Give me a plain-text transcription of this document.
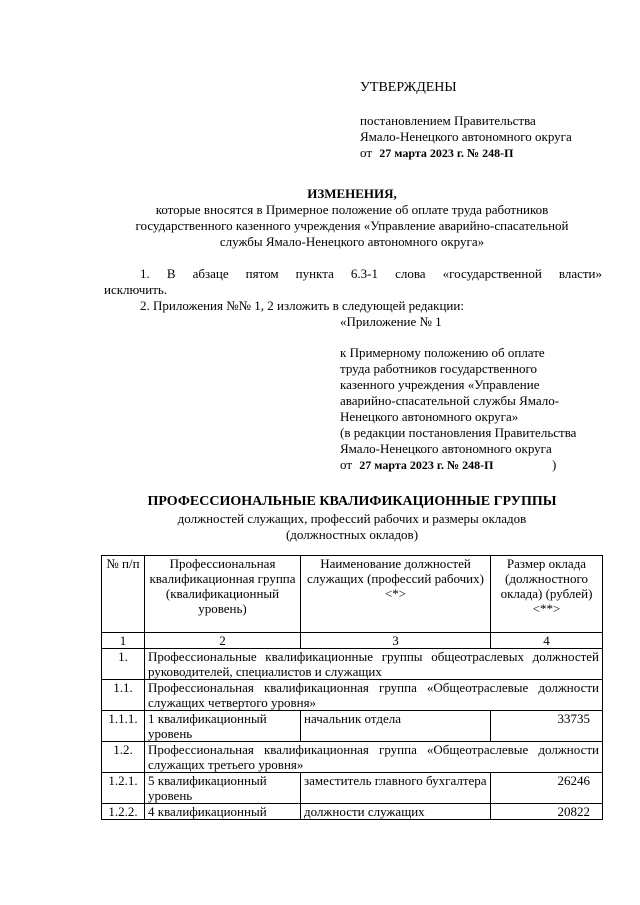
УТВЕРЖДЕНЫ
постановлением Правительства
Ямало-Ненецкого автономного округа
от 27 марта 2023 г. № 248-П
ИЗМЕНЕНИЯ,
которые вносятся в Примерное положение об оплате труда работников
государственного казенного учреждения «Управление аварийно-спасательной
службы Ямало-Ненецкого автономного округа»
1. В абзаце пятом пункта 6.3-1 слова «государственной власти» исключить.
2. Приложения №№ 1, 2 изложить в следующей редакции:
«Приложение № 1
к Примерному положению об оплате
труда работников государственного
казенного учреждения «Управление
аварийно-спасательной службы Ямало-
Ненецкого автономного округа»
(в редакции постановления Правительства
Ямало-Ненецкого автономного округа
от 27 марта 2023 г. № 248-П	)
ПРОФЕССИОНАЛЬНЫЕ КВАЛИФИКАЦИОННЫЕ ГРУППЫ
должностей служащих, профессий рабочих и размеры окладов
(должностных окладов)
№ п/п	Профессиональная квалификационная группа (квалификационный уровень)	Наименование должностей служащих (профессий рабочих) <*>	Размер оклада (должностного оклада) (рублей) <**>
1	2	3	4
1.	Профессиональные квалификационные группы общеотраслевых должностей руководителей, специалистов и служащих		
1.1.	Профессиональная квалификационная группа «Общеотраслевые должности служащих четвертого уровня»		
1.1.1.	1 квалификационный уровень	начальник отдела	33735
1.2.	Профессиональная квалификационная группа «Общеотраслевые должности служащих третьего уровня»		
1.2.1.	5 квалификационный уровень	заместитель главного бухгалтера	26246
1.2.2.	4 квалификационный	должности служащих	20822
